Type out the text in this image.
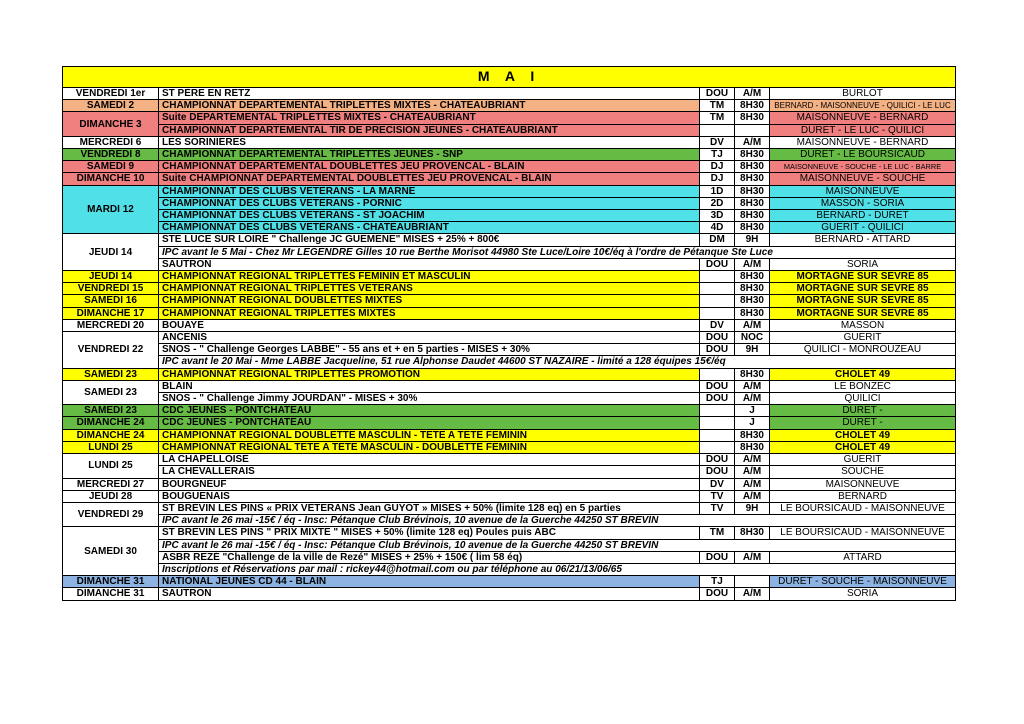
M A I				
VENDREDI 1er	ST PÈRE EN RETZ	DOU	A/M	BURLOT
SAMEDI 2	CHAMPIONNAT DEPARTEMENTAL TRIPLETTES MIXTES - CHATEAUBRIANT	TM	8H30	BERNARD - MAISONNEUVE - QUILICI - LE LUC
DIMANCHE 3	Suite DEPARTEMENTAL TRIPLETTES MIXTES - CHATEAUBRIANT	TM	8H30	MAISONNEUVE - BERNARD
	CHAMPIONNAT DEPARTEMENTAL TIR DE PRECISION JEUNES - CHATEAUBRIANT			DURET - LE LUC - QUILICI
MERCREDI 6	LES SORINIERES	DV	A/M	MAISONNEUVE - BERNARD
VENDREDI 8	CHAMPIONNAT DEPARTEMENTAL TRIPLETTES JEUNES - SNP	TJ	8H30	DURET - LE BOURSICAUD
SAMEDI 9	CHAMPIONNAT DEPARTEMENTAL DOUBLETTES JEU PROVENCAL - BLAIN	DJ	8H30	MAISONNEUVE - SOUCHE - LE LUC - BARRE
DIMANCHE 10	Suite CHAMPIONNAT DEPARTEMENTAL DOUBLETTES JEU PROVENCAL - BLAIN	DJ	8H30	MAISONNEUVE - SOUCHE
MARDI 12	CHAMPIONNAT DES CLUBS VETERANS - LA MARNE	1D	8H30	MAISONNEUVE
	CHAMPIONNAT DES CLUBS VETERANS - PORNIC	2D	8H30	MASSON - SORIA
	CHAMPIONNAT DES CLUBS VETERANS - ST JOACHIM	3D	8H30	BERNARD - DURET
	CHAMPIONNAT DES CLUBS VETERANS - CHATEAUBRIANT	4D	8H30	GUERIT - QUILICI
JEUDI 14	STE LUCE SUR LOIRE " Challenge JC GUEMENE" MISES + 25% + 800€	DM	9H	BERNARD - ATTARD
	IPC avant le 5 Mai - Chez Mr LEGENDRE Gilles 10 rue Berthe Morisot 44980 Ste Luce/Loire 10€/éq à l'ordre de Pétanque Ste Luce			
	SAUTRON	DOU	A/M	SORIA
JEUDI 14	CHAMPIONNAT REGIONAL TRIPLETTES FEMININ ET MASCULIN		8H30	MORTAGNE SUR SEVRE 85
VENDREDI 15	CHAMPIONNAT REGIONAL TRIPLETTES VETERANS		8H30	MORTAGNE SUR SEVRE 85
SAMEDI 16	CHAMPIONNAT REGIONAL DOUBLETTES MIXTES		8H30	MORTAGNE SUR SEVRE 85
DIMANCHE 17	CHAMPIONNAT REGIONAL TRIPLETTES MIXTES		8H30	MORTAGNE SUR SEVRE 85
MERCREDI 20	BOUAYE	DV	A/M	MASSON
VENDREDI 22	ANCENIS	DOU	NOC	GUERIT
	SNOS - " Challenge Georges LABBE" - 55 ans et + en 5 parties - MISES + 30%	DOU	9H	QUILICI - MONROUZEAU
	IPC avant le 20 Mai - Mme LABBE Jacqueline, 51 rue Alphonse Daudet 44600 ST NAZAIRE - limité a 128 équipes 15€/éq			
SAMEDI 23	CHAMPIONNAT REGIONAL TRIPLETTES PROMOTION		8H30	CHOLET 49
SAMEDI 23	BLAIN	DOU	A/M	LE BONZEC
	SNOS - " Challenge Jimmy JOURDAN" - MISES + 30%	DOU	A/M	QUILICI
SAMEDI 23	CDC JEUNES - PONTCHATEAU		J	DURET -
DIMANCHE 24	CDC JEUNES - PONTCHATEAU		J	DURET -
DIMANCHE 24	CHAMPIONNAT REGIONAL DOUBLETTE MASCULIN - TETE A TETE FEMININ		8H30	CHOLET 49
LUNDI 25	CHAMPIONNAT REGIONAL TETE A TETE MASCULIN - DOUBLETTE FEMININ		8H30	CHOLET 49
LUNDI 25	LA CHAPELLOISE	DOU	A/M	GUERIT
	LA CHEVALLERAIS	DOU	A/M	SOUCHE
MERCREDI 27	BOURGNEUF	DV	A/M	MAISONNEUVE
JEUDI 28	BOUGUENAIS	TV	A/M	BERNARD
VENDREDI 29	ST BREVIN LES PINS « PRIX VETERANS Jean GUYOT » MISES + 50% (limite 128 eq) en 5 parties	TV	9H	LE BOURSICAUD - MAISONNEUVE
	IPC avant le 26 mai -15€ / éq - Insc: Pétanque Club Brévinois, 10 avenue de la Guerche 44250 ST BREVIN			
SAMEDI 30	ST BREVIN LES PINS " PRIX MIXTE " MISES + 50% (limite 128 eq) Poules puis ABC	TM	8H30	LE BOURSICAUD - MAISONNEUVE
	IPC avant le 26 mai -15€ / éq - Insc: Pétanque Club Brévinois, 10 avenue de la Guerche 44250 ST BREVIN			
	ASBR REZÉ "Challenge de la ville de Rezé" MISES + 25% + 150€ ( lim 58 éq)	DOU	A/M	ATTARD
	Inscriptions et Réservations par mail : rickey44@hotmail.com ou par téléphone au 06/21/13/06/65			
DIMANCHE 31	NATIONAL JEUNES CD 44 - BLAIN	TJ		DURET - SOUCHE - MAISONNEUVE
DIMANCHE 31	SAUTRON	DOU	A/M	SORIA
